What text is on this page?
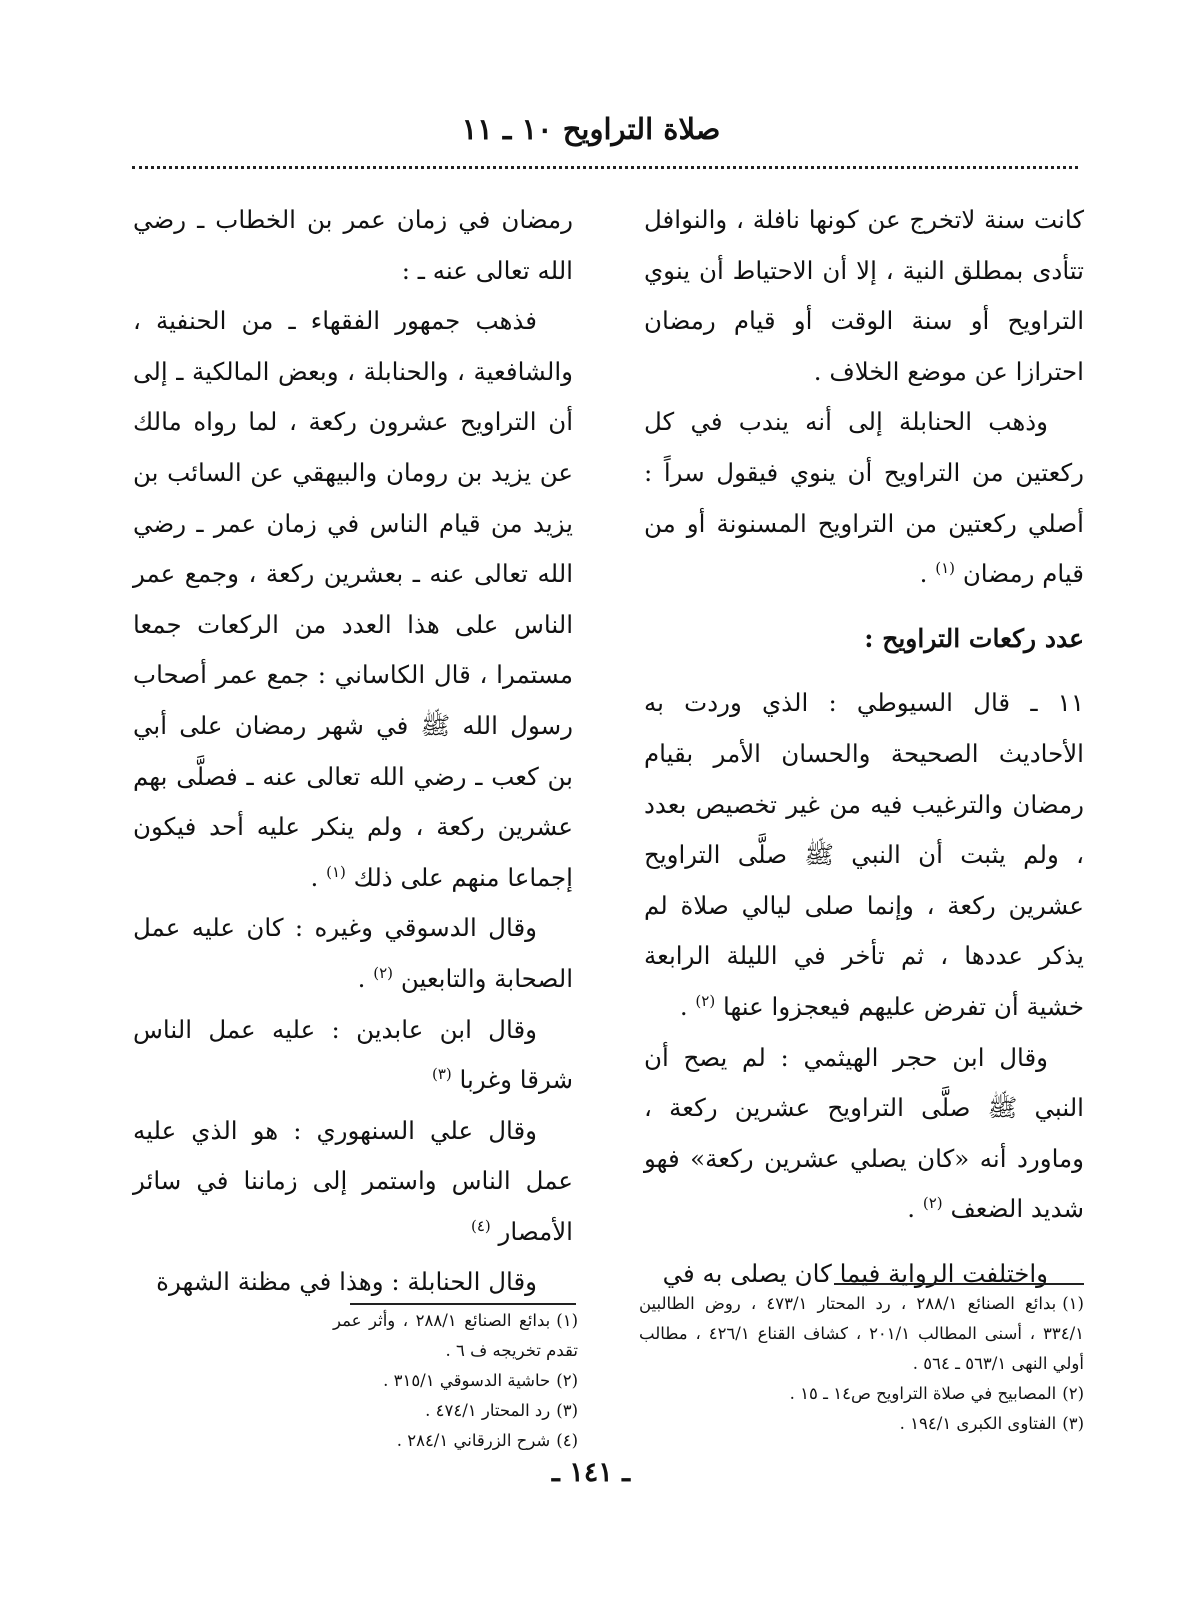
صلاة التراويح ١٠ ـ ١١

كانت سنة لاتخرج عن كونها نافلة ، والنوافل تتأدى بمطلق النية ، إلا أن الاحتياط أن ينوي التراويح أو سنة الوقت أو قيام رمضان احترازا عن موضع الخلاف .

وذهب الحنابلة إلى أنه يندب في كل ركعتين من التراويح أن ينوي فيقول سراً : أصلي ركعتين من التراويح المسنونة أو من قيام رمضان $^{(١)}$ .

عدد ركعات التراويح :

١١ ـ قال السيوطي : الذي وردت به الأحاديث الصحيحة والحسان الأمر بقيام رمضان والترغيب فيه من غير تخصيص بعدد ، ولم يثبت أن النبي ﷺ صلَّى التراويح عشرين ركعة ، وإنما صلى ليالي صلاة لم يذكر عددها ، ثم تأخر في الليلة الرابعة خشية أن تفرض عليهم فيعجزوا عنها $^{(٢)}$ .

وقال ابن حجر الهيثمي : لم يصح أن النبي ﷺ صلَّى التراويح عشرين ركعة ، وماورد أنه «كان يصلي عشرين ركعة» فهو شديد الضعف $^{(٢)}$ .

واختلفت الرواية فيما كان يصلى به في

رمضان في زمان عمر بن الخطاب ـ رضي الله تعالى عنه ـ :

فذهب جمهور الفقهاء ـ من الحنفية ، والشافعية ، والحنابلة ، وبعض المالكية ـ إلى أن التراويح عشرون ركعة ، لما رواه مالك عن يزيد بن رومان والبيهقي عن السائب بن يزيد من قيام الناس في زمان عمر ـ رضي الله تعالى عنه ـ بعشرين ركعة ، وجمع عمر الناس على هذا العدد من الركعات جمعا مستمرا ، قال الكاساني : جمع عمر أصحاب رسول الله ﷺ في شهر رمضان على أبي بن كعب ـ رضي الله تعالى عنه ـ فصلَّى بهم عشرين ركعة ، ولم ينكر عليه أحد فيكون إجماعا منهم على ذلك $^{(١)}$ .

وقال الدسوقي وغيره : كان عليه عمل الصحابة والتابعين $^{(٢)}$ .

وقال ابن عابدين : عليه عمل الناس شرقا وغربا $^{(٣)}$

وقال علي السنهوري : هو الذي عليه عمل الناس واستمر إلى زماننا في سائر الأمصار $^{(٤)}$

وقال الحنابلة : وهذا في مظنة الشهرة

(١)بدائع الصنائع ٢٨٨/١ ، رد المحتار ٤٧٣/١ ، روض الطالبين ٣٣٤/١ ، أسنى المطالب ٢٠١/١ ، كشاف القناع ٤٢٦/١ ، مطالب أولي النهى ٥٦٣/١ ـ ٥٦٤ .

(٢)المصابيح في صلاة التراويح ص١٤ ـ ١٥ .

(٣)الفتاوى الكبرى ١٩٤/١ .

(١)بدائع الصنائع ٢٨٨/١ ، وأثر عمر تقدم تخريجه ف ٦ .

(٢)حاشية الدسوقي ٣١٥/١ .

(٣)رد المحتار ٤٧٤/١ .

(٤)شرح الزرقاني ٢٨٤/١ .

ـ ١٤١ ـ
